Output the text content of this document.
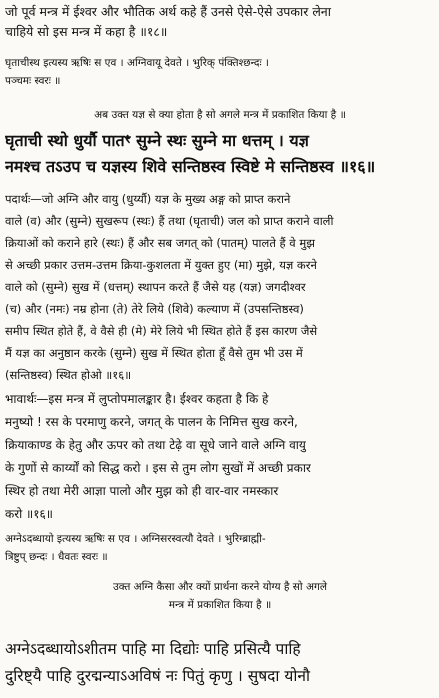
जो पूर्व मन्त्र में ईश्वर और भौतिक अर्थ कहे हैं उनसे ऐसे-ऐसे उपकार लेना
चाहिये सो इस मन्त्र में कहा है ॥१८॥
घृताचीस्थ इत्यस्य ऋषिः स एव । अग्निवायू देवते । भुरिक् पंक्तिश्छन्दः ।
पञ्चमः स्वरः ॥
अब उक्त यज्ञ से क्या होता है सो अगले मन्त्र में प्रकाशित किया है ॥
घृताची स्थो धुर्यौ पातꣳ सुम्ने स्थः सुम्ने मा धत्तम् । यज्ञ
नमश्च तऽउप च यज्ञस्य शिवे सन्तिष्ठस्व स्विष्टे मे सन्तिष्ठस्व ॥१६॥
पदार्थः—जो अग्नि और वायु (धुर्य्यौ) यज्ञ के मुख्य अङ्ग को प्राप्त कराने
वाले (व) और (सुम्ने) सुखरूप (स्थः) हैं तथा (घृताची) जल को प्राप्त कराने वाली
क्रियाओं को कराने हारे (स्थः) हैं और सब जगत् को (पातम्) पालते हैं वे मुझ
से अच्छी प्रकार उत्तम-उत्तम क्रिया-कुशलता में युक्त हुए (मा) मुझे, यज्ञ करने
वाले को (सुम्ने) सुख में (धत्तम्) स्थापन करते हैं जैसे यह (यज्ञ) जगदीश्वर
(च) और (नमः) नम्र होना (ते) तेरे लिये (शिवे) कल्याण में (उपसन्तिष्ठस्व)
समीप स्थित होते हैं, वे वैसे ही (मे) मेरे लिये भी स्थित होते हैं इस कारण जैसे
मैं यज्ञ का अनुष्ठान करके (सुम्ने) सुख में स्थित होता हूँ वैसे तुम भी उस में
(सन्तिष्ठस्व) स्थित होओ ॥१६॥
भावार्थः—इस मन्त्र में लुप्तोपमालङ्कार है। ईश्वर कहता है कि हे
मनुष्यो ! रस के परमाणु करने, जगत् के पालन के निमित्त सुख करने,
क्रियाकाण्ड के हेतु और ऊपर को तथा टेढ़े वा सूधे जाने वाले अग्नि वायु
के गुणों से कार्य्यों को सिद्ध करो । इस से तुम लोग सुखों में अच्छी प्रकार
स्थिर हो तथा मेरी आज्ञा पालो और मुझ को ही वार-वार नमस्कार
करो ॥१६॥
अग्नेऽदब्धायो इत्यस्य ऋषिः स एव । अग्निसरस्वत्यौ देवते । भुरिग्ब्राह्मी-
त्रिष्टुप् छन्दः । धैवतः स्वरः ॥
उक्त अग्नि कैसा और क्यों प्रार्थना करने योग्य है सो अगले
मन्त्र में प्रकाशित किया है ॥
अग्नेऽदब्धायोऽशीतम पाहि मा दिद्योः पाहि प्रसित्यै पाहि
दुरिष्ट्यै पाहि दुरद्मन्याऽअविषं नः पितुं कृणु । सुषदा योनौ
